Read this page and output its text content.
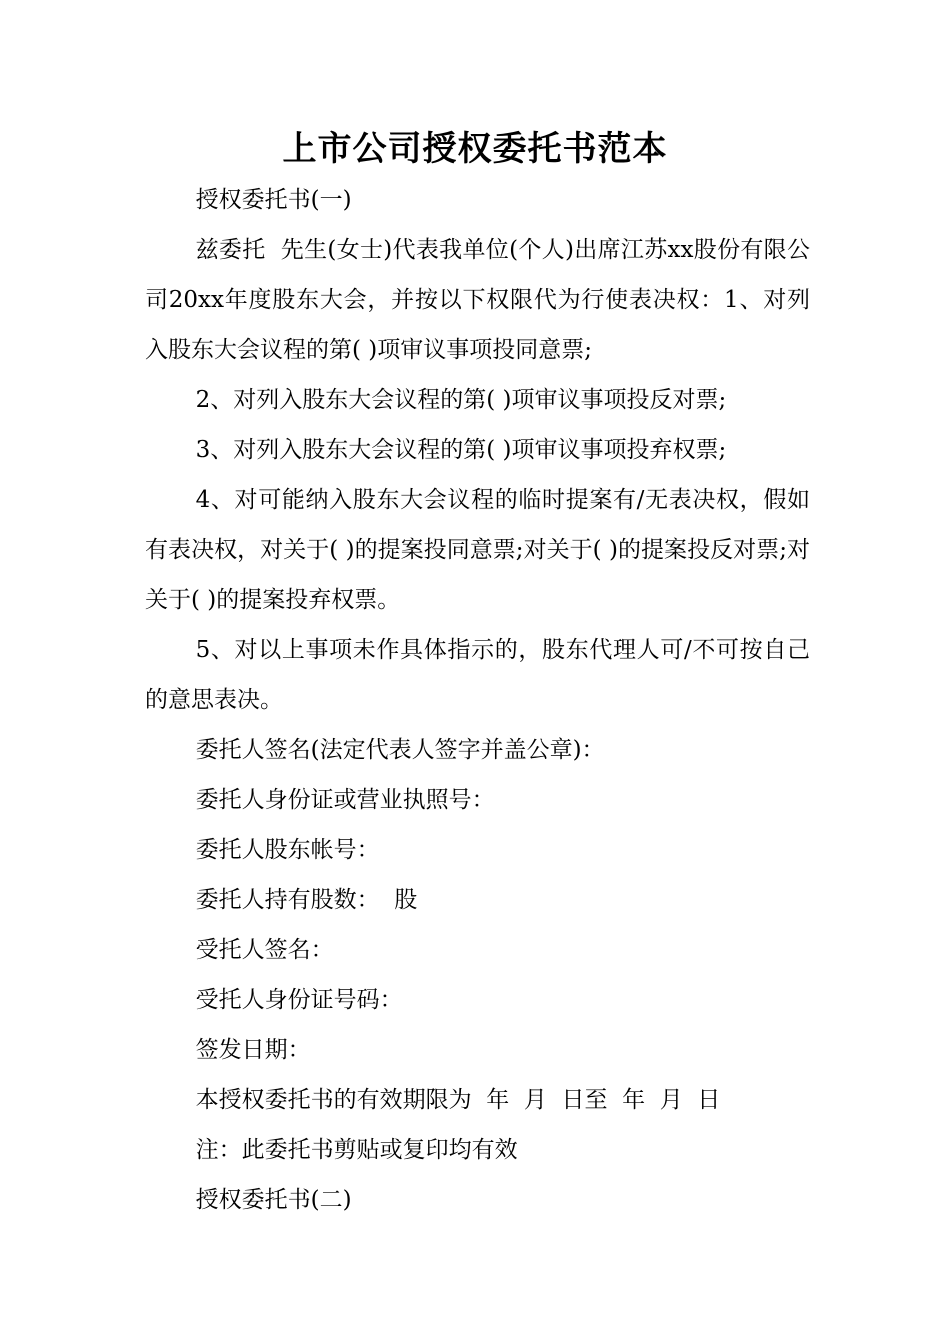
上市公司授权委托书范本

授权委托书(一)

兹委托  先生(女士)代表我单位(个人)出席江苏xx股份有限公司20xx年度股东大会，并按以下权限代为行使表决权：1、对列入股东大会议程的第( )项审议事项投同意票;

2、对列入股东大会议程的第( )项审议事项投反对票;

3、对列入股东大会议程的第( )项审议事项投弃权票;

4、对可能纳入股东大会议程的临时提案有/无表决权，假如有表决权，对关于( )的提案投同意票;对关于( )的提案投反对票;对关于( )的提案投弃权票。

5、对以上事项未作具体指示的，股东代理人可/不可按自己的意思表决。

委托人签名(法定代表人签字并盖公章)：

委托人身份证或营业执照号：

委托人股东帐号：

委托人持有股数：  股

受托人签名：

受托人身份证号码：

签发日期：

本授权委托书的有效期限为  年  月  日至  年  月  日

注：此委托书剪贴或复印均有效

授权委托书(二)
